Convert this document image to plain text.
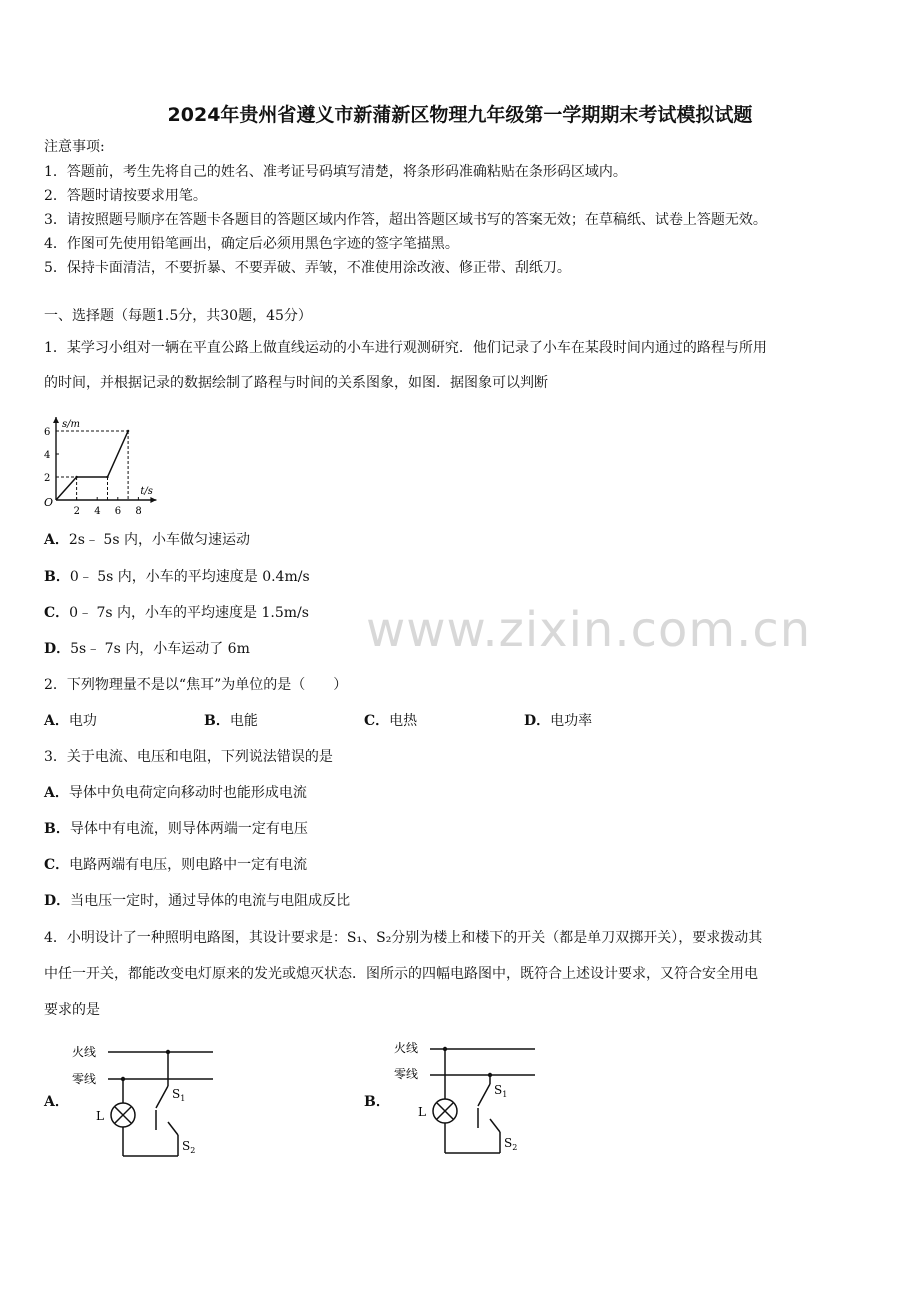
2024年贵州省遵义市新蒲新区物理九年级第一学期期末考试模拟试题
注意事项:
1．答题前，考生先将自己的姓名、准考证号码填写清楚，将条形码准确粘贴在条形码区域内。
2．答题时请按要求用笔。
3．请按照题号顺序在答题卡各题目的答题区域内作答，超出答题区域书写的答案无效；在草稿纸、试卷上答题无效。
4．作图可先使用铅笔画出，确定后必须用黑色字迹的签字笔描黑。
5．保持卡面清洁，不要折暴、不要弄破、弄皱，不准使用涂改液、修正带、刮纸刀。
一、选择题（每题1.5分，共30题，45分）
1．某学习小组对一辆在平直公路上做直线运动的小车进行观测研究．他们记录了小车在某段时间内通过的路程与所用
的时间，并根据记录的数据绘制了路程与时间的关系图象，如图．据图象可以判断
s/m
t/s
O
2 4 6 8
2
4
6
A．2s﹣ 5s 内，小车做匀速运动
B．0﹣ 5s 内，小车的平均速度是 0.4m/s
C．0﹣ 7s 内，小车的平均速度是 1.5m/s
D．5s﹣ 7s 内，小车运动了 6m
2．下列物理量不是以“焦耳”为单位的是（　　）
A．电功	B．电能	C．电热	D．电功率
3．关于电流、电压和电阻，下列说法错误的是
A．导体中负电荷定向移动时也能形成电流
B．导体中有电流，则导体两端一定有电压
C．电路两端有电压，则电路中一定有电流
D．当电压一定时，通过导体的电流与电阻成反比
4．小明设计了一种照明电路图，其设计要求是：S₁、S₂分别为楼上和楼下的开关（都是单刀双掷开关），要求拨动其
中任一开关，都能改变电灯原来的发光或熄灭状态．图所示的四幅电路图中，既符合上述设计要求，又符合安全用电
要求的是
A．
火线
零线
L
$S_1$
$S_2$
B．
火线
零线
L
$S_1$
$S_2$
www.zixin.com.cn
